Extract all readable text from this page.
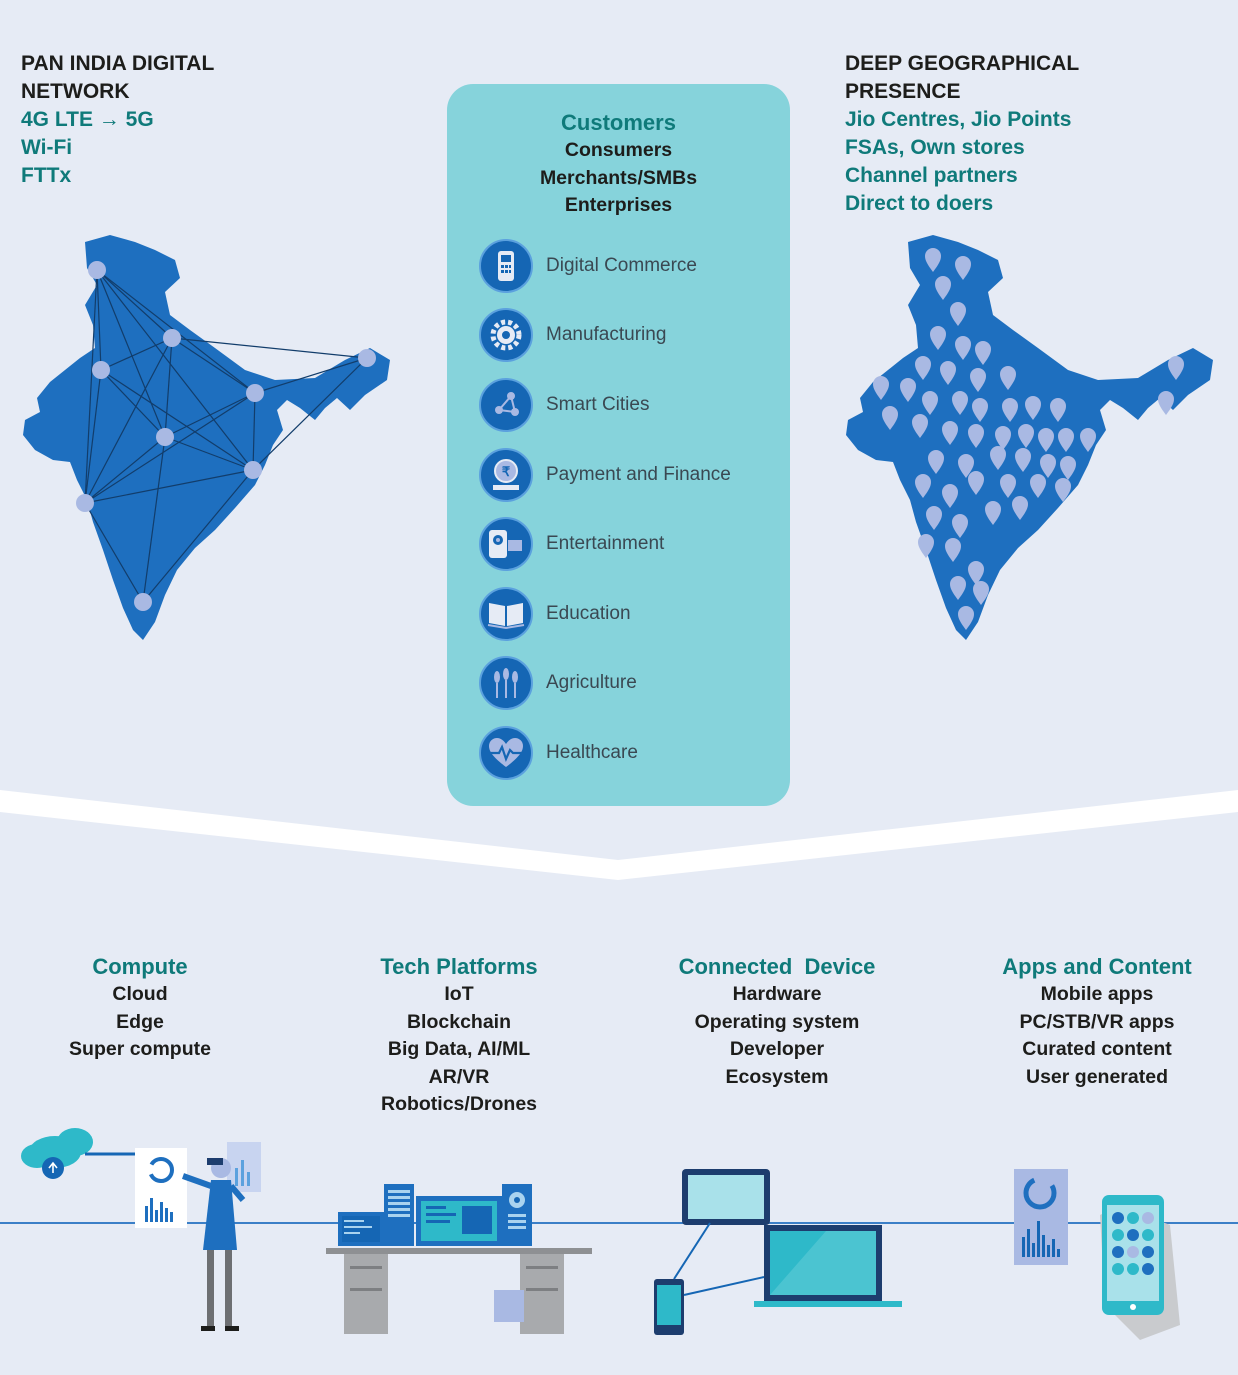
PAN INDIA DIGITAL
NETWORK
4G LTE → 5G
Wi-Fi
FTTx
DEEP GEOGRAPHICAL
PRESENCE
Jio Centres, Jio Points
FSAs, Own stores
Channel partners
Direct to doers
Customers
Consumers
Merchants/SMBs
Enterprises
Digital Commerce
Manufacturing
Smart Cities
₹ Payment and Finance
Entertainment
Education
Agriculture
Healthcare
Compute
Cloud
Edge
Super compute
Tech Platforms
IoT
Blockchain
Big Data, AI/ML
AR/VR
Robotics/Drones
Connected  Device
Hardware
Operating system
Developer
Ecosystem
Apps and Content
Mobile apps
PC/STB/VR apps
Curated content
User generated
